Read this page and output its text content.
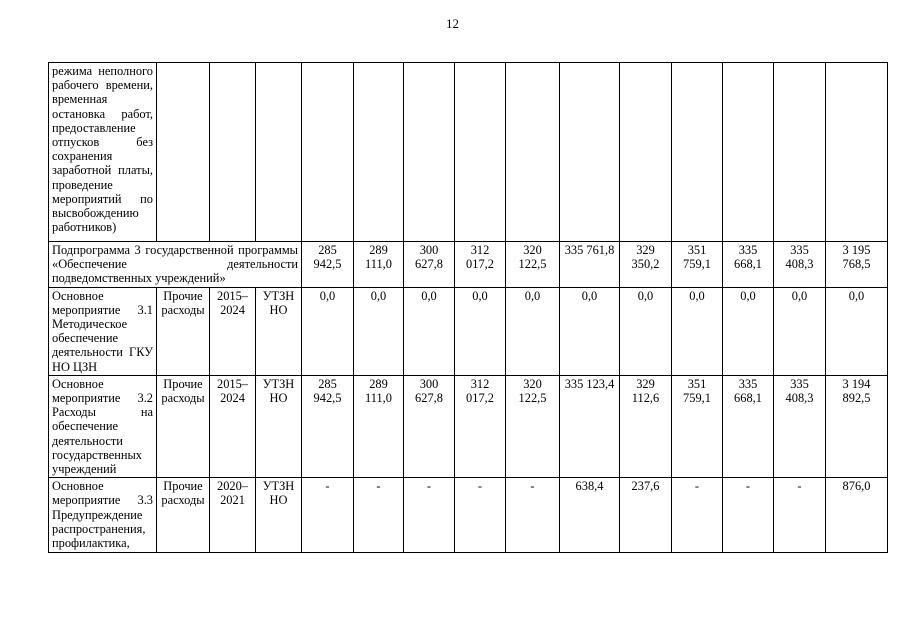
12
режима неполного рабочего времени, временная остановка работ, предоставление отпусков без сохранения заработной платы, проведение мероприятий по высвобождению работников)														
Подпрограмма 3 государственной программы «Обеспечение деятельности подведомственных учреждений»				285 942,5	289 111,0	300 627,8	312 017,2	320 122,5	335 761,8	329 350,2	351 759,1	335 668,1	335 408,3	3 195 768,5
Основное мероприятие 3.1 Методическое обеспечение деятельности ГКУ НО ЦЗН	Прочие расходы	2015–2024	УТЗН НО	0,0	0,0	0,0	0,0	0,0	0,0	0,0	0,0	0,0	0,0	0,0
Основное мероприятие 3.2 Расходы на обеспечение деятельности государственных учреждений	Прочие расходы	2015–2024	УТЗН НО	285 942,5	289 111,0	300 627,8	312 017,2	320 122,5	335 123,4	329 112,6	351 759,1	335 668,1	335 408,3	3 194 892,5
Основное мероприятие 3.3 Предупреждение распространения, профилактика,	Прочие расходы	2020–2021	УТЗН НО	-	-	-	-	-	638,4	237,6	-	-	-	876,0
